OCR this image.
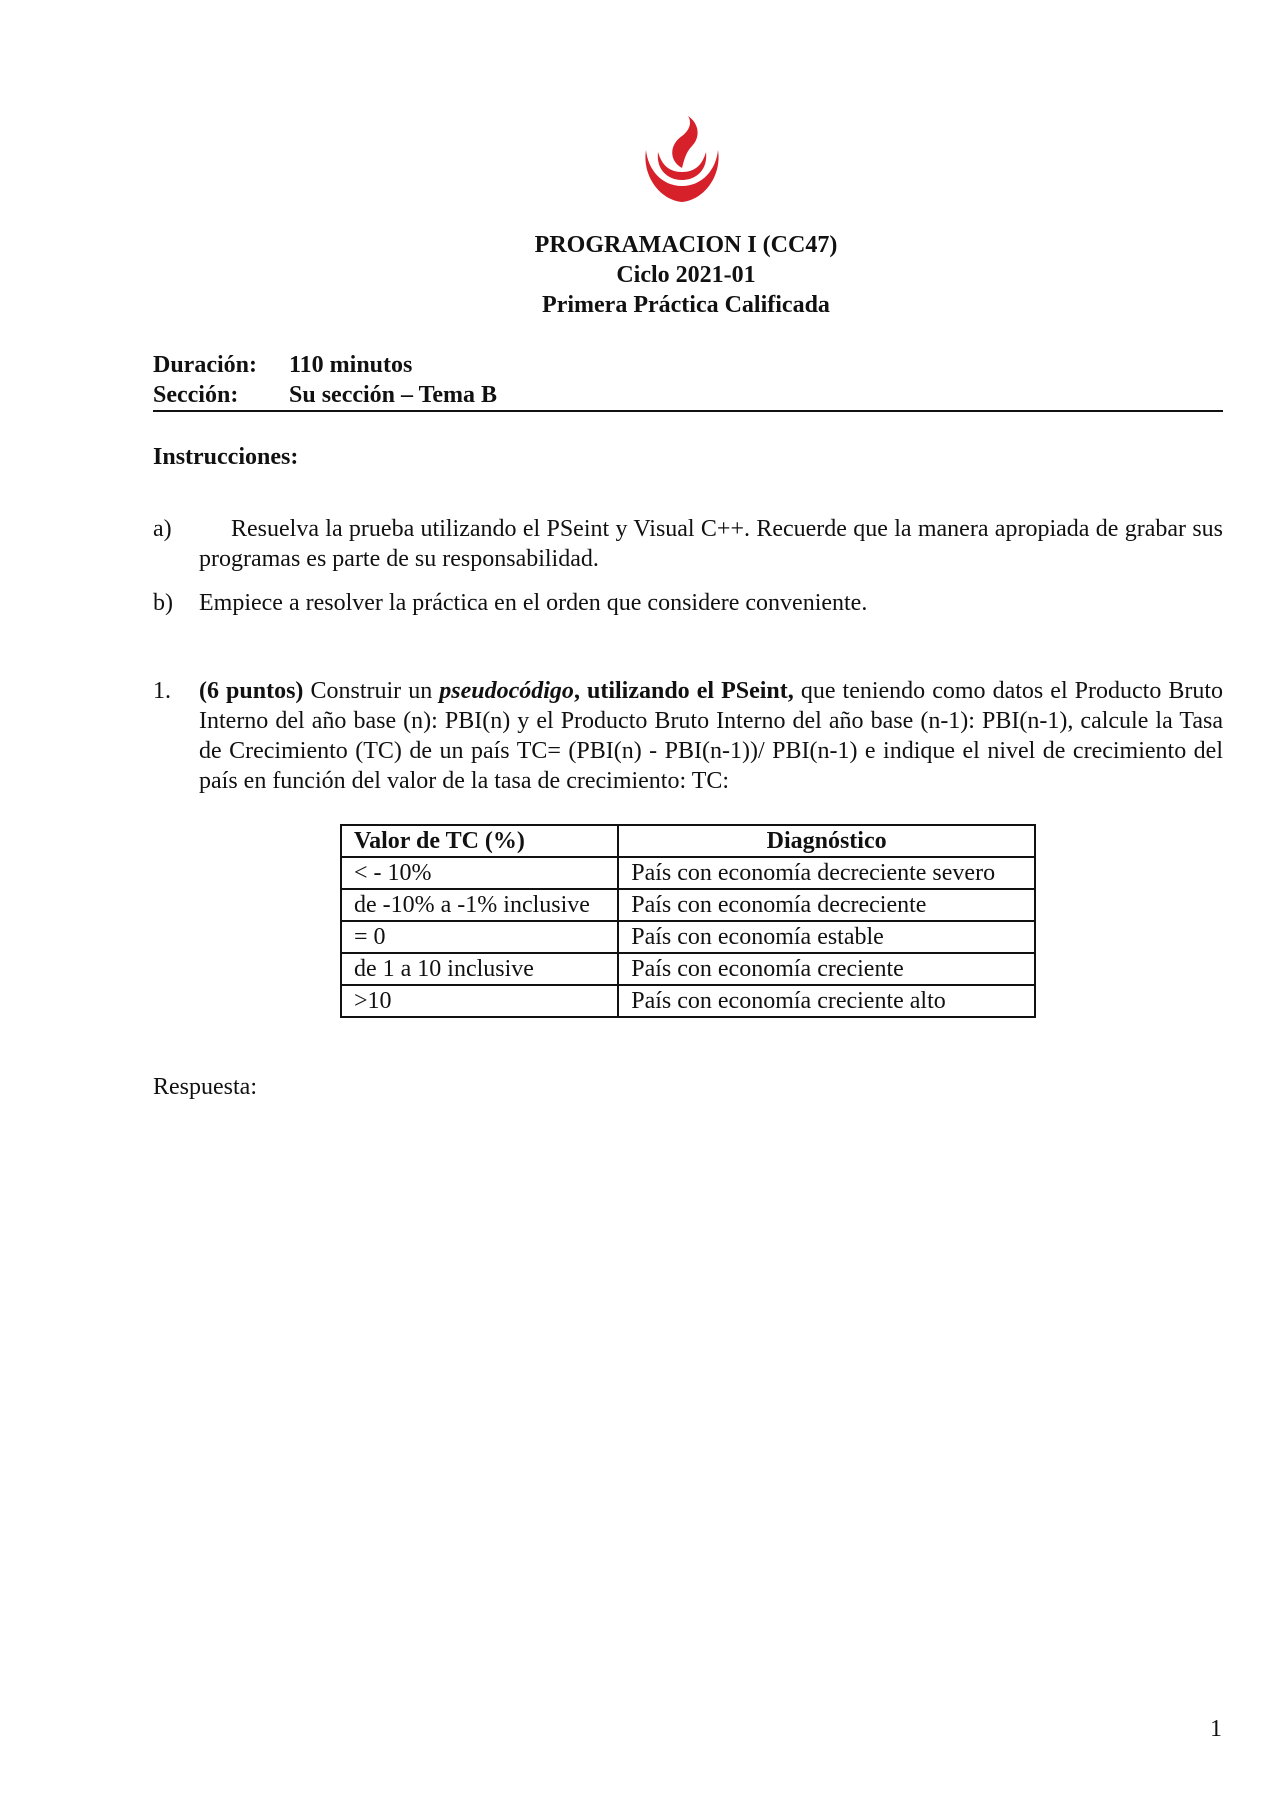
PROGRAMACION I (CC47)
Ciclo 2021-01
Primera Práctica Calificada
Duración: 110 minutos
Sección: Su sección – Tema B
Instrucciones:
a)	Resuelva la prueba utilizando el PSeint y Visual C++. Recuerde que la manera apropiada de grabar sus programas es parte de su responsabilidad.
b) Empiece a resolver la práctica en el orden que considere conveniente.
1. (6 puntos) Construir un pseudocódigo, utilizando el PSeint, que teniendo como datos el Producto Bruto Interno del año base (n): PBI(n) y el Producto Bruto Interno del año base (n-1): PBI(n-1), calcule la Tasa de Crecimiento (TC) de un país TC= (PBI(n) - PBI(n-1))/ PBI(n-1) e indique el nivel de crecimiento del país en función del valor de la tasa de crecimiento: TC:
Valor de TC (%)	Diagnóstico
< - 10%	País con economía decreciente severo
de -10% a -1% inclusive	País con economía decreciente
= 0	País con economía estable
de 1 a 10 inclusive	País con economía creciente
>10	País con economía creciente alto
Respuesta:
1
